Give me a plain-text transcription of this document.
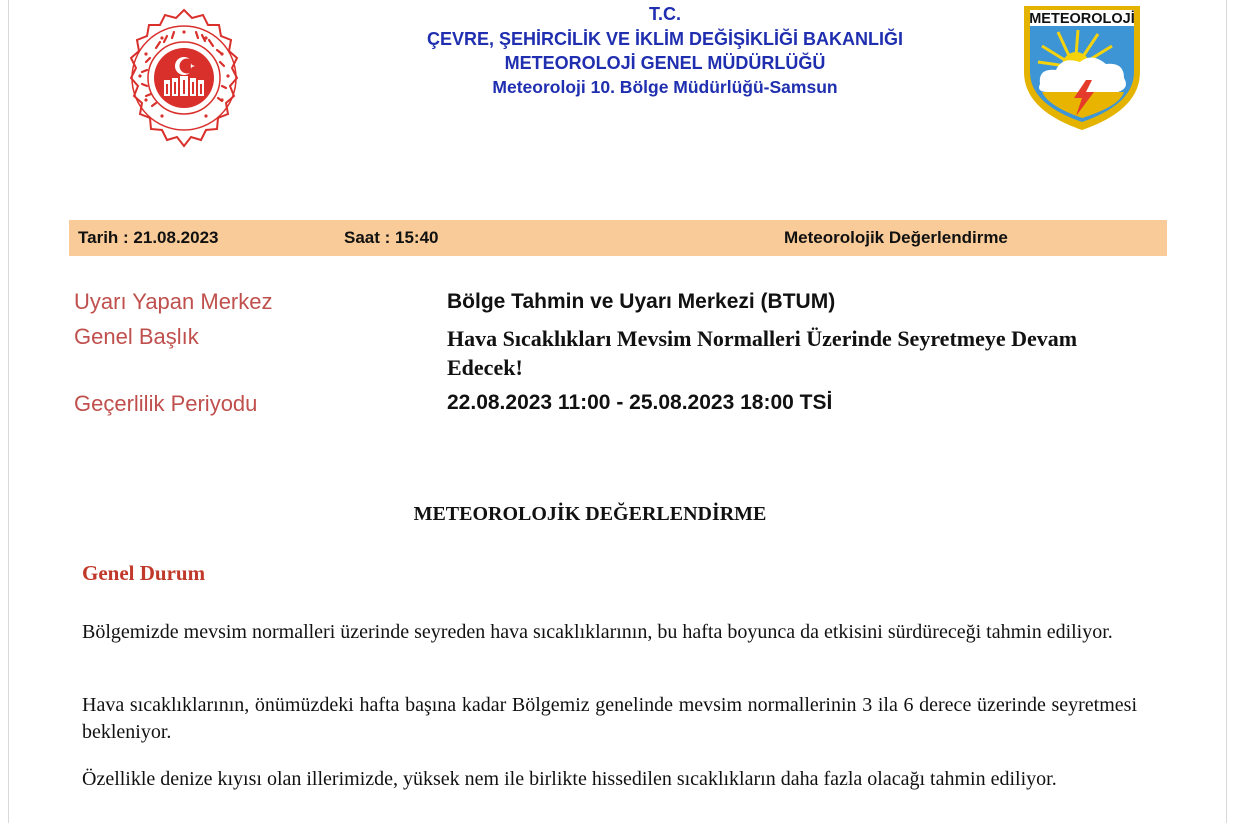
METEOROLOJİ
T.C.
ÇEVRE, ŞEHİRCİLİK VE İKLİM DEĞİŞİKLİĞİ BAKANLIĞI
METEOROLOJİ GENEL MÜDÜRLÜĞÜ
Meteoroloji 10. Bölge Müdürlüğü-Samsun
Tarih : 21.08.2023	Saat : 15:40	Meteorolojik Değerlendirme
Uyarı Yapan Merkez	Bölge Tahmin ve Uyarı Merkezi (BTUM)
Genel Başlık	Hava Sıcaklıkları Mevsim Normalleri Üzerinde Seyretmeye Devam Edecek!
Geçerlilik Periyodu	22.08.2023 11:00 - 25.08.2023 18:00 TSİ
METEOROLOJİK DEĞERLENDİRME
Genel Durum
Bölgemizde mevsim normalleri üzerinde seyreden hava sıcaklıklarının, bu hafta boyunca da etkisini sürdüreceği tahmin ediliyor.
Hava sıcaklıklarının, önümüzdeki hafta başına kadar Bölgemiz genelinde mevsim normallerinin 3 ila 6 derece üzerinde seyretmesi bekleniyor.
Özellikle denize kıyısı olan illerimizde, yüksek nem ile birlikte hissedilen sıcaklıkların daha fazla olacağı tahmin ediliyor.
